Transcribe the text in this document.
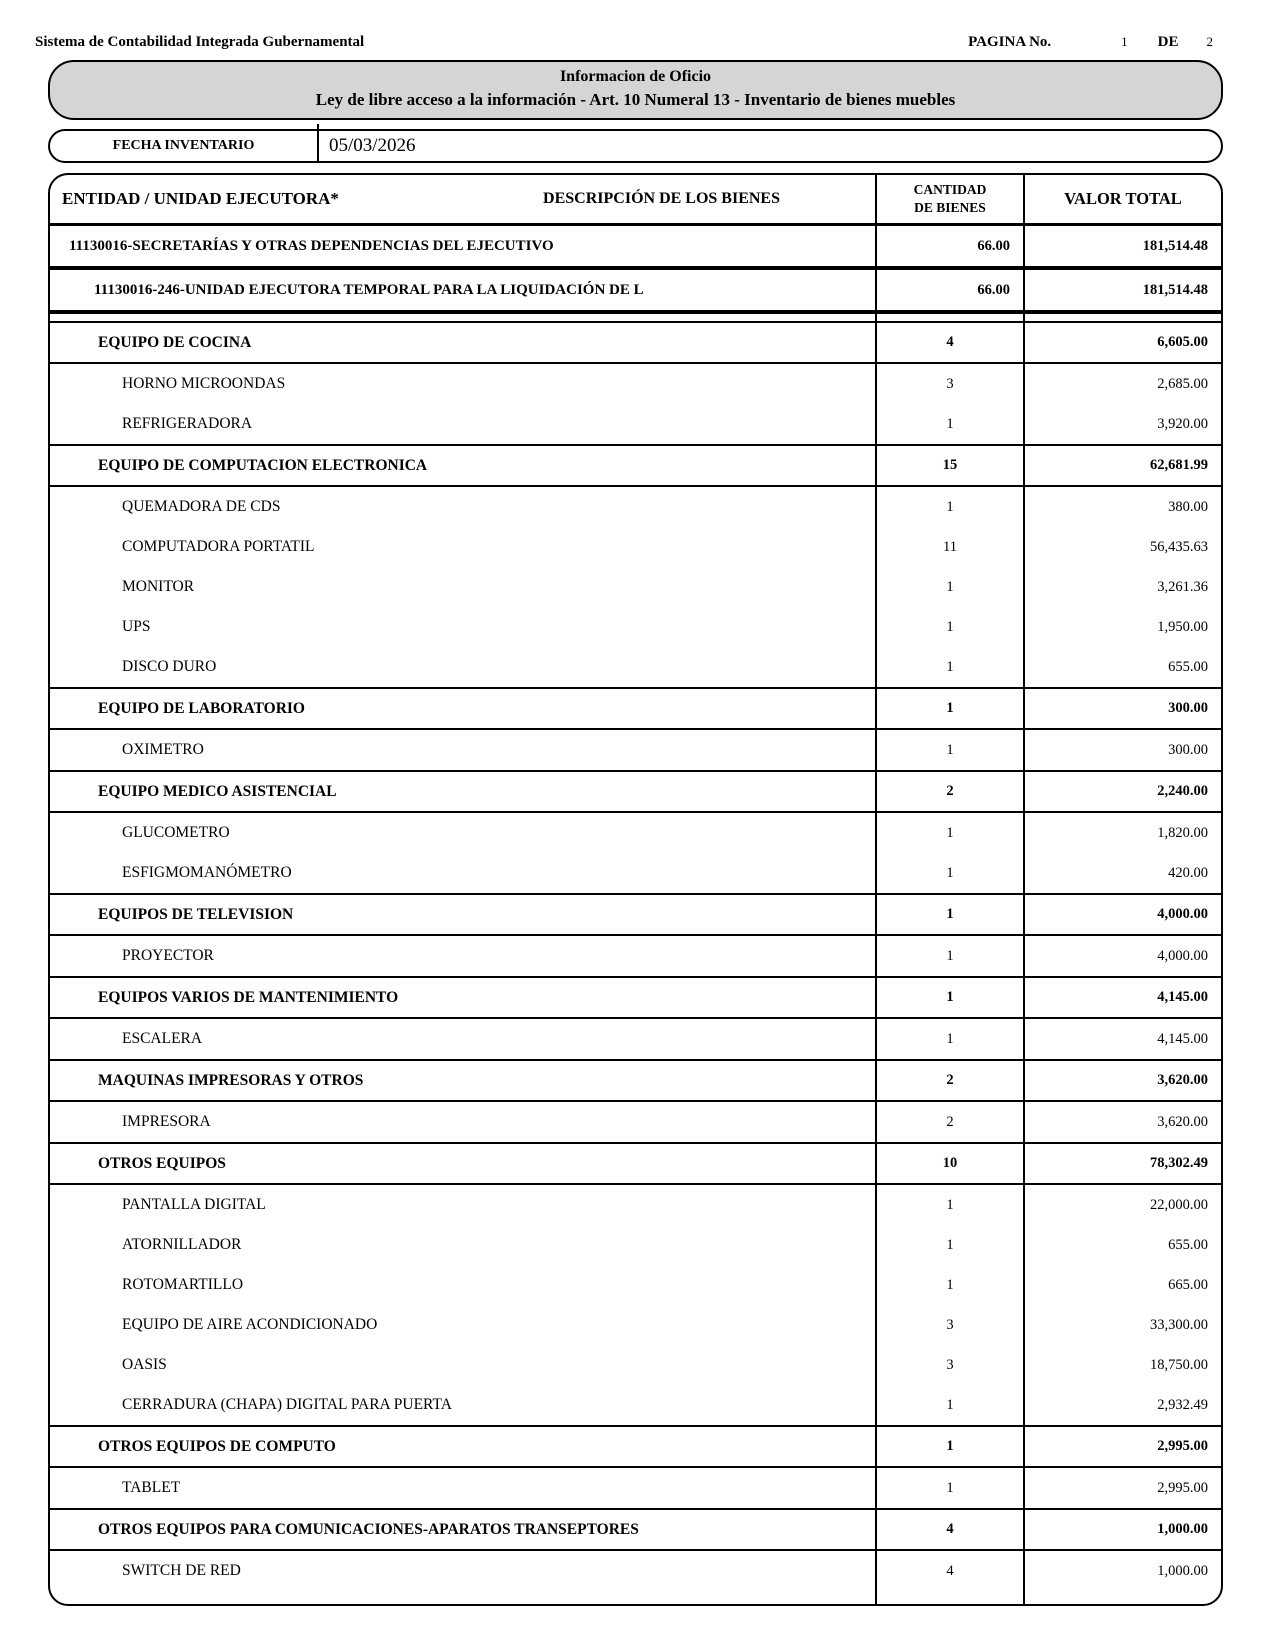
Sistema de Contabilidad Integrada Gubernamental	PAGINA No.	1 DE 2
Informacion de Oficio
Ley de libre acceso a la información - Art. 10 Numeral 13 - Inventario de bienes muebles
FECHA INVENTARIO	05/03/2026
ENTIDAD / UNIDAD EJECUTORA*	DESCRIPCIÓN DE LOS BIENES
CANTIDAD
DE BIENES	VALOR TOTAL
11130016-SECRETARÍAS Y OTRAS DEPENDENCIAS DEL EJECUTIVO	66.00	181,514.48
11130016-246-UNIDAD EJECUTORA TEMPORAL PARA LA LIQUIDACIÓN DE L	66.00	181,514.48
EQUIPO DE COCINA	4	6,605.00
HORNO MICROONDAS	3	2,685.00
REFRIGERADORA	1	3,920.00
EQUIPO DE COMPUTACION ELECTRONICA	15	62,681.99
QUEMADORA DE CDS	1	380.00
COMPUTADORA PORTATIL	11	56,435.63
MONITOR	1	3,261.36
UPS	1	1,950.00
DISCO DURO	1	655.00
EQUIPO DE LABORATORIO	1	300.00
OXIMETRO	1	300.00
EQUIPO MEDICO ASISTENCIAL	2	2,240.00
GLUCOMETRO	1	1,820.00
ESFIGMOMANÓMETRO	1	420.00
EQUIPOS DE TELEVISION	1	4,000.00
PROYECTOR	1	4,000.00
EQUIPOS VARIOS DE MANTENIMIENTO	1	4,145.00
ESCALERA	1	4,145.00
MAQUINAS IMPRESORAS Y OTROS	2	3,620.00
IMPRESORA	2	3,620.00
OTROS EQUIPOS	10	78,302.49
PANTALLA DIGITAL	1	22,000.00
ATORNILLADOR	1	655.00
ROTOMARTILLO	1	665.00
EQUIPO DE AIRE ACONDICIONADO	3	33,300.00
OASIS	3	18,750.00
CERRADURA (CHAPA) DIGITAL PARA PUERTA	1	2,932.49
OTROS EQUIPOS DE COMPUTO	1	2,995.00
TABLET	1	2,995.00
OTROS EQUIPOS PARA COMUNICACIONES-APARATOS TRANSEPTORES	4	1,000.00
SWITCH DE RED	4	1,000.00
